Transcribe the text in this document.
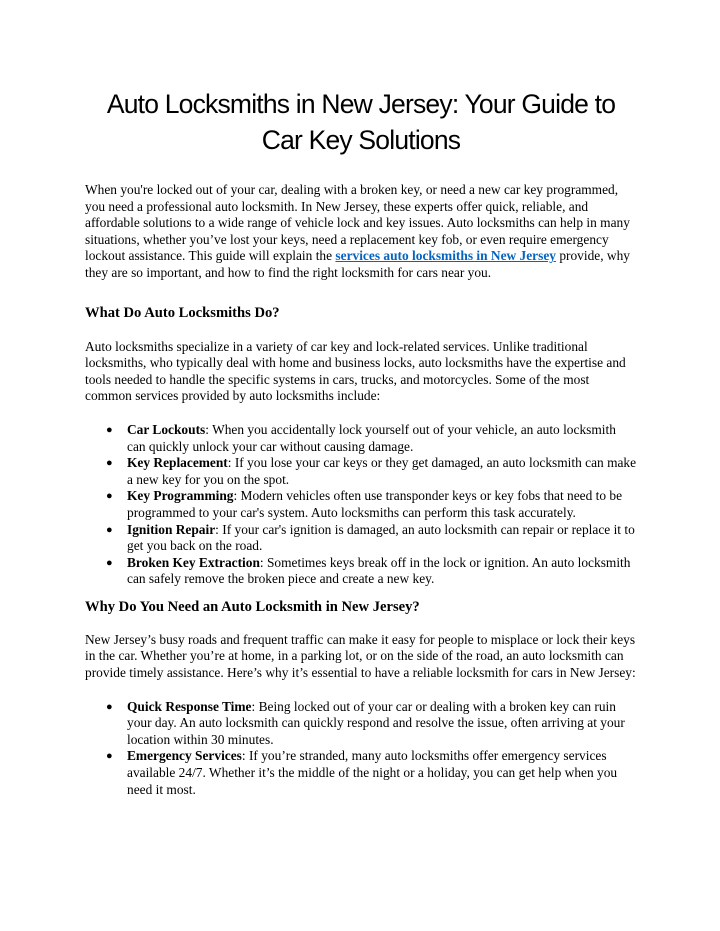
Auto Locksmiths in New Jersey: Your Guide to Car Key Solutions

When you're locked out of your car, dealing with a broken key, or need a new car key programmed, you need a professional auto locksmith. In New Jersey, these experts offer quick, reliable, and affordable solutions to a wide range of vehicle lock and key issues. Auto locksmiths can help in many situations, whether you’ve lost your keys, need a replacement key fob, or even require emergency lockout assistance. This guide will explain the services auto locksmiths in New Jersey provide, why they are so important, and how to find the right locksmith for cars near you.

What Do Auto Locksmiths Do?

Auto locksmiths specialize in a variety of car key and lock-related services. Unlike traditional locksmiths, who typically deal with home and business locks, auto locksmiths have the expertise and tools needed to handle the specific systems in cars, trucks, and motorcycles. Some of the most common services provided by auto locksmiths include:

● Car Lockouts: When you accidentally lock yourself out of your vehicle, an auto locksmith can quickly unlock your car without causing damage.
● Key Replacement: If you lose your car keys or they get damaged, an auto locksmith can make a new key for you on the spot.
● Key Programming: Modern vehicles often use transponder keys or key fobs that need to be programmed to your car's system. Auto locksmiths can perform this task accurately.
● Ignition Repair: If your car's ignition is damaged, an auto locksmith can repair or replace it to get you back on the road.
● Broken Key Extraction: Sometimes keys break off in the lock or ignition. An auto locksmith can safely remove the broken piece and create a new key.
Why Do You Need an Auto Locksmith in New Jersey?

New Jersey’s busy roads and frequent traffic can make it easy for people to misplace or lock their keys in the car. Whether you’re at home, in a parking lot, or on the side of the road, an auto locksmith can provide timely assistance. Here’s why it’s essential to have a reliable locksmith for cars in New Jersey:

● Quick Response Time: Being locked out of your car or dealing with a broken key can ruin your day. An auto locksmith can quickly respond and resolve the issue, often arriving at your location within 30 minutes.
● Emergency Services: If you’re stranded, many auto locksmiths offer emergency services available 24/7. Whether it’s the middle of the night or a holiday, you can get help when you need it most.
